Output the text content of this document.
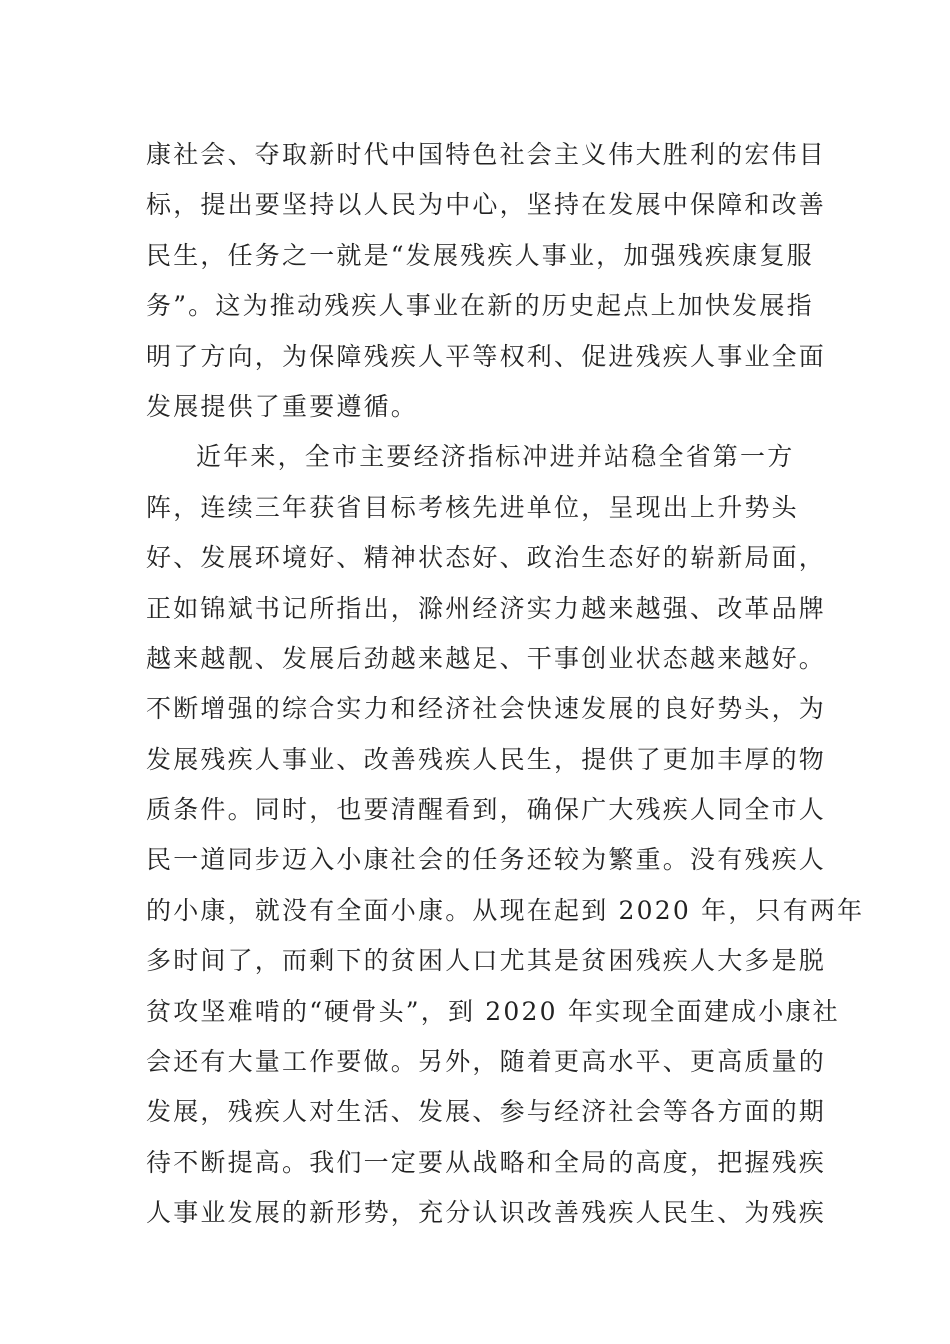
康社会、夺取新时代中国特色社会主义伟大胜利的宏伟目
标，提出要坚持以人民为中心，坚持在发展中保障和改善
民生，任务之一就是“发展残疾人事业，加强残疾康复服
务”。这为推动残疾人事业在新的历史起点上加快发展指
明了方向，为保障残疾人平等权利、促进残疾人事业全面
发展提供了重要遵循。
近年来，全市主要经济指标冲进并站稳全省第一方
阵，连续三年获省目标考核先进单位，呈现出上升势头
好、发展环境好、精神状态好、政治生态好的崭新局面，
正如锦斌书记所指出，滁州经济实力越来越强、改革品牌
越来越靓、发展后劲越来越足、干事创业状态越来越好。
不断增强的综合实力和经济社会快速发展的良好势头，为
发展残疾人事业、改善残疾人民生，提供了更加丰厚的物
质条件。同时，也要清醒看到，确保广大残疾人同全市人
民一道同步迈入小康社会的任务还较为繁重。没有残疾人
的小康，就没有全面小康。从现在起到 2020 年，只有两年
多时间了，而剩下的贫困人口尤其是贫困残疾人大多是脱
贫攻坚难啃的“硬骨头”，到 2020 年实现全面建成小康社
会还有大量工作要做。另外，随着更高水平、更高质量的
发展，残疾人对生活、发展、参与经济社会等各方面的期
待不断提高。我们一定要从战略和全局的高度，把握残疾
人事业发展的新形势，充分认识改善残疾人民生、为残疾
